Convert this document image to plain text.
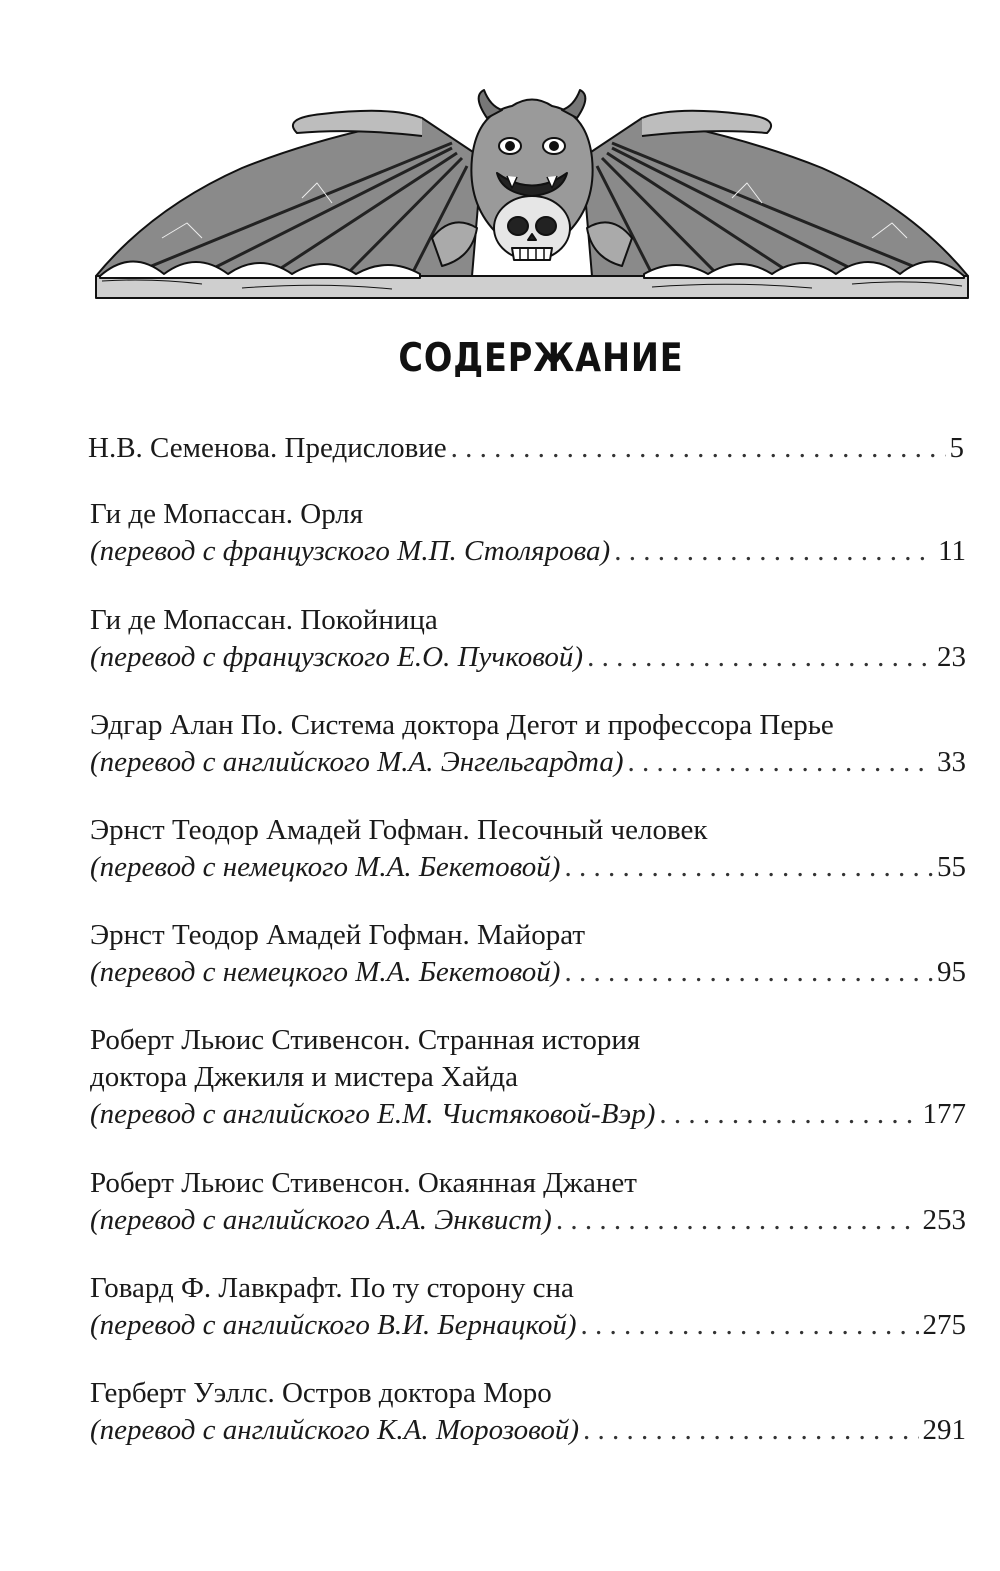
СОДЕРЖАНИЕ
Н.В. Семенова. Предисловие . . .	5
Ги де Мопассан. Орля
(перевод с французского М.П. Столярова) . . .	11
Ги де Мопассан. Покойница
(перевод с французского Е.О. Пучковой) . . .	23
Эдгар Алан По. Система доктора Дегот и профессора Перье
(перевод с английского М.А. Энгельгардта) . . .	33
Эрнст Теодор Амадей Гофман. Песочный человек
(перевод с немецкого М.А. Бекетовой) . . .	55
Эрнст Теодор Амадей Гофман. Майорат
(перевод с немецкого М.А. Бекетовой) . . .	95
Роберт Льюис Стивенсон. Странная история
доктора Джекиля и мистера Хайда
(перевод с английского Е.М. Чистяковой-Вэр) . . .	177
Роберт Льюис Стивенсон. Окаянная Джанет
(перевод с английского А.А. Энквист) . . .	253
Говард Ф. Лавкрафт. По ту сторону сна
(перевод с английского В.И. Бернацкой) . . .	275
Герберт Уэллс. Остров доктора Моро
(перевод с английского К.А. Морозовой) . . .	291
